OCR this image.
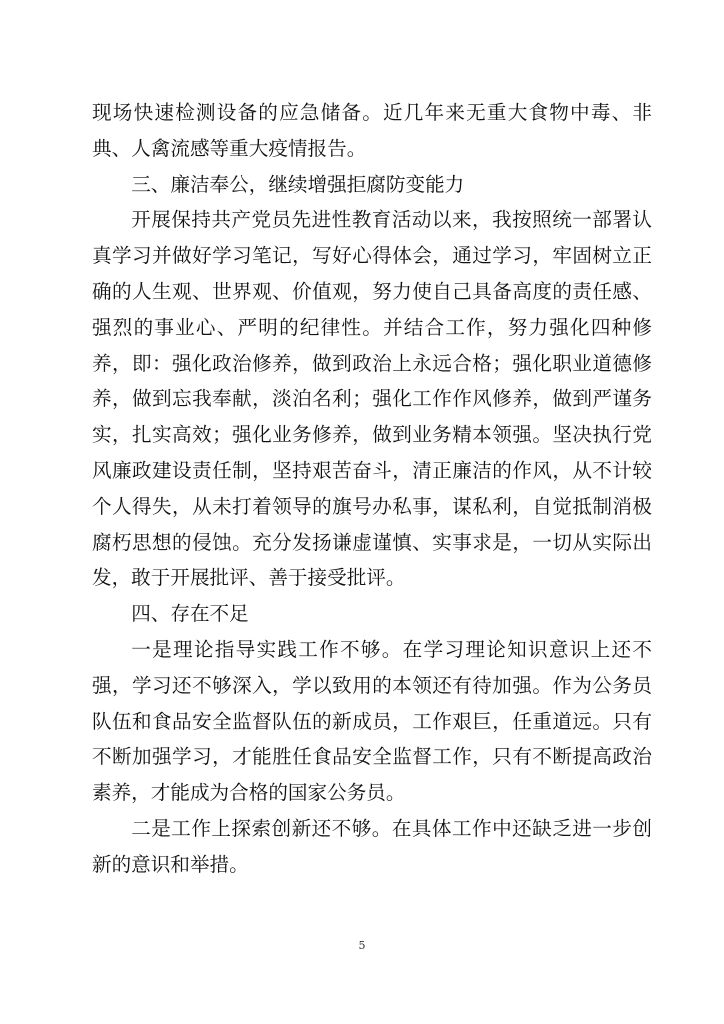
现场快速检测设备的应急储备。近几年来无重大食物中毒、非典、人禽流感等重大疫情报告。

三、廉洁奉公，继续增强拒腐防变能力

开展保持共产党员先进性教育活动以来，我按照统一部署认真学习并做好学习笔记，写好心得体会，通过学习，牢固树立正确的人生观、世界观、价值观，努力使自己具备高度的责任感、强烈的事业心、严明的纪律性。并结合工作，努力强化四种修养，即：强化政治修养，做到政治上永远合格；强化职业道德修养，做到忘我奉献，淡泊名利；强化工作作风修养，做到严谨务实，扎实高效；强化业务修养，做到业务精本领强。坚决执行党风廉政建设责任制，坚持艰苦奋斗，清正廉洁的作风，从不计较个人得失，从未打着领导的旗号办私事，谋私利，自觉抵制消极腐朽思想的侵蚀。充分发扬谦虚谨慎、实事求是，一切从实际出发，敢于开展批评、善于接受批评。

四、存在不足

一是理论指导实践工作不够。在学习理论知识意识上还不强，学习还不够深入，学以致用的本领还有待加强。作为公务员队伍和食品安全监督队伍的新成员，工作艰巨，任重道远。只有不断加强学习，才能胜任食品安全监督工作，只有不断提高政治素养，才能成为合格的国家公务员。

二是工作上探索创新还不够。在具体工作中还缺乏进一步创新的意识和举措。

5
